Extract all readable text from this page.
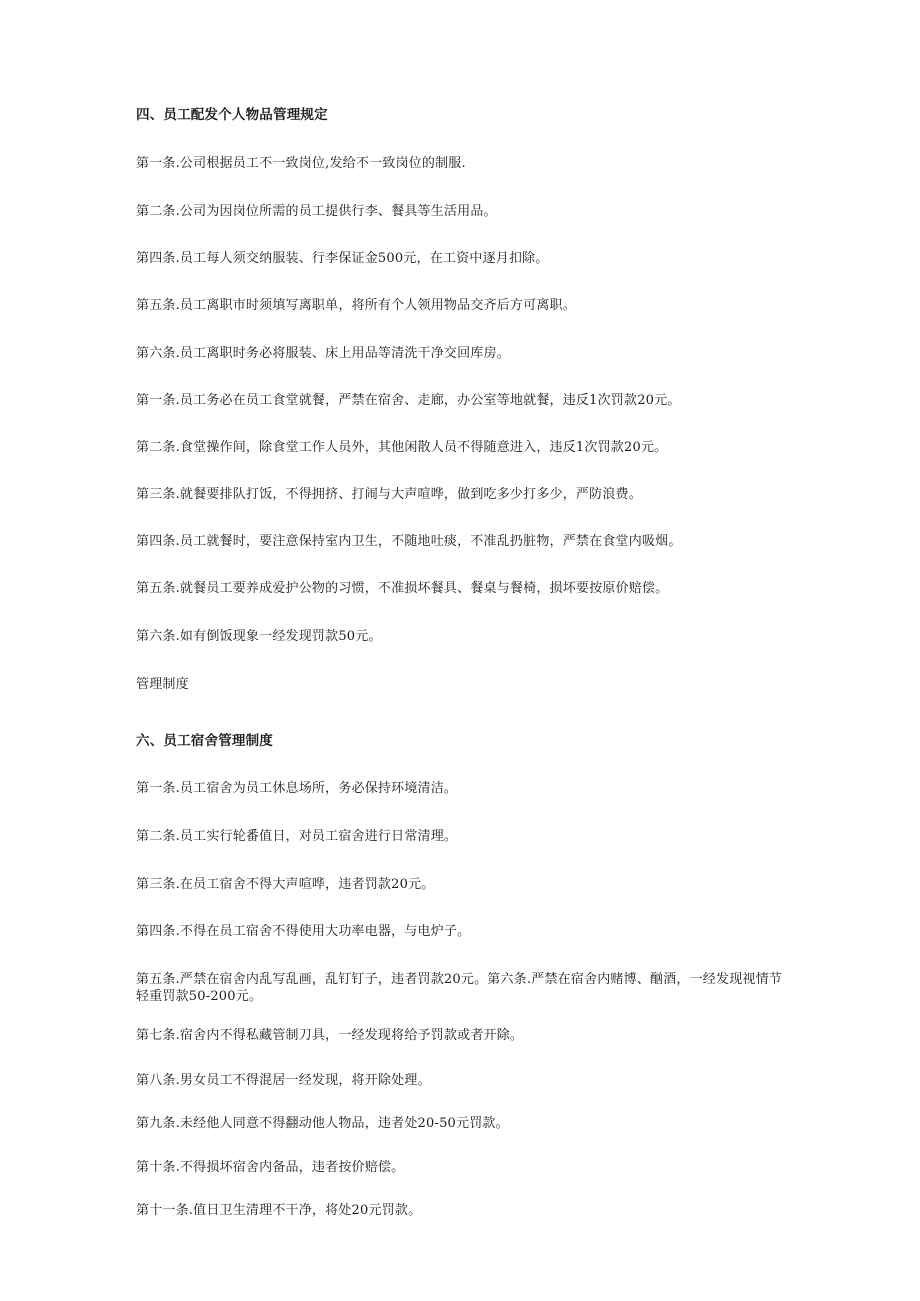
四、员工配发个人物品管理规定
第一条.公司根据员工不一致岗位,发给不一致岗位的制服.
第二条.公司为因岗位所需的员工提供行李、餐具等生活用品。
第四条.员工每人须交纳服装、行李保证金500元，在工资中逐月扣除。
第五条.员工离职市时须填写离职单，将所有个人领用物品交齐后方可离职。
第六条.员工离职时务必将服装、床上用品等清洗干净交回库房。
第一条.员工务必在员工食堂就餐，严禁在宿舍、走廊，办公室等地就餐，违反1次罚款20元。
第二条.食堂操作间，除食堂工作人员外，其他闲散人员不得随意进入，违反1次罚款20元。
第三条.就餐要排队打饭，不得拥挤、打闹与大声喧哗，做到吃多少打多少，严防浪费。
第四条.员工就餐时，要注意保持室内卫生，不随地吐痰，不准乱扔脏物，严禁在食堂内吸烟。
第五条.就餐员工要养成爱护公物的习惯，不准损坏餐具、餐桌与餐椅，损坏要按原价赔偿。
第六条.如有倒饭现象一经发现罚款50元。
管理制度
六、员工宿舍管理制度
第一条.员工宿舍为员工休息场所，务必保持环境清洁。
第二条.员工实行轮番值日，对员工宿舍进行日常清理。
第三条.在员工宿舍不得大声喧哗，违者罚款20元。
第四条.不得在员工宿舍不得使用大功率电器，与电炉子。
第五条.严禁在宿舍内乱写乱画，乱钉钉子，违者罚款20元。第六条.严禁在宿舍内赌博、酗酒，一经发现视情节轻重罚款50-200元。
第七条.宿舍内不得私藏管制刀具，一经发现将给予罚款或者开除。
第八条.男女员工不得混居一经发现，将开除处理。
第九条.未经他人同意不得翻动他人物品，违者处20-50元罚款。
第十条.不得损坏宿舍内备品，违者按价赔偿。
第十一条.值日卫生清理不干净，将处20元罚款。
